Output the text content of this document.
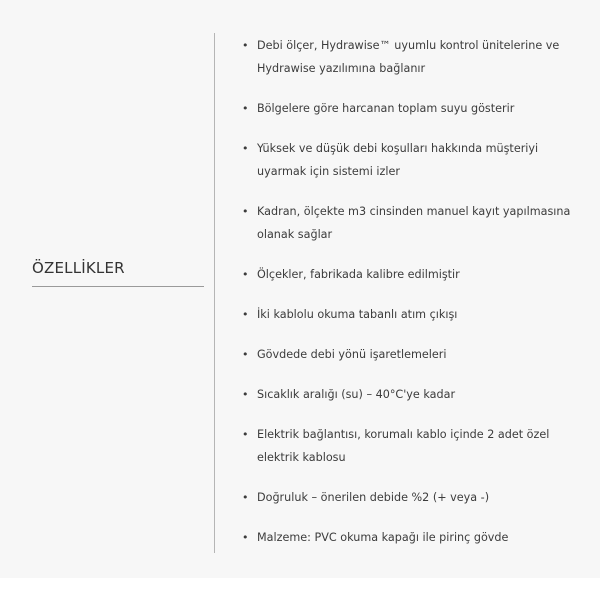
ÖZELLİKLER
• Debi ölçer, Hydrawise™ uyumlu kontrol ünitelerine ve Hydrawise yazılımına bağlanır
• Bölgelere göre harcanan toplam suyu gösterir
• Yüksek ve düşük debi koşulları hakkında müşteriyi uyarmak için sistemi izler
• Kadran, ölçekte m3 cinsinden manuel kayıt yapılmasına olanak sağlar
• Ölçekler, fabrikada kalibre edilmiştir
• İki kablolu okuma tabanlı atım çıkışı
• Gövdede debi yönü işaretlemeleri
• Sıcaklık aralığı (su) – 40°C'ye kadar
• Elektrik bağlantısı, korumalı kablo içinde 2 adet özel elektrik kablosu
• Doğruluk – önerilen debide %2 (+ veya -)
• Malzeme: PVC okuma kapağı ile pirinç gövde
